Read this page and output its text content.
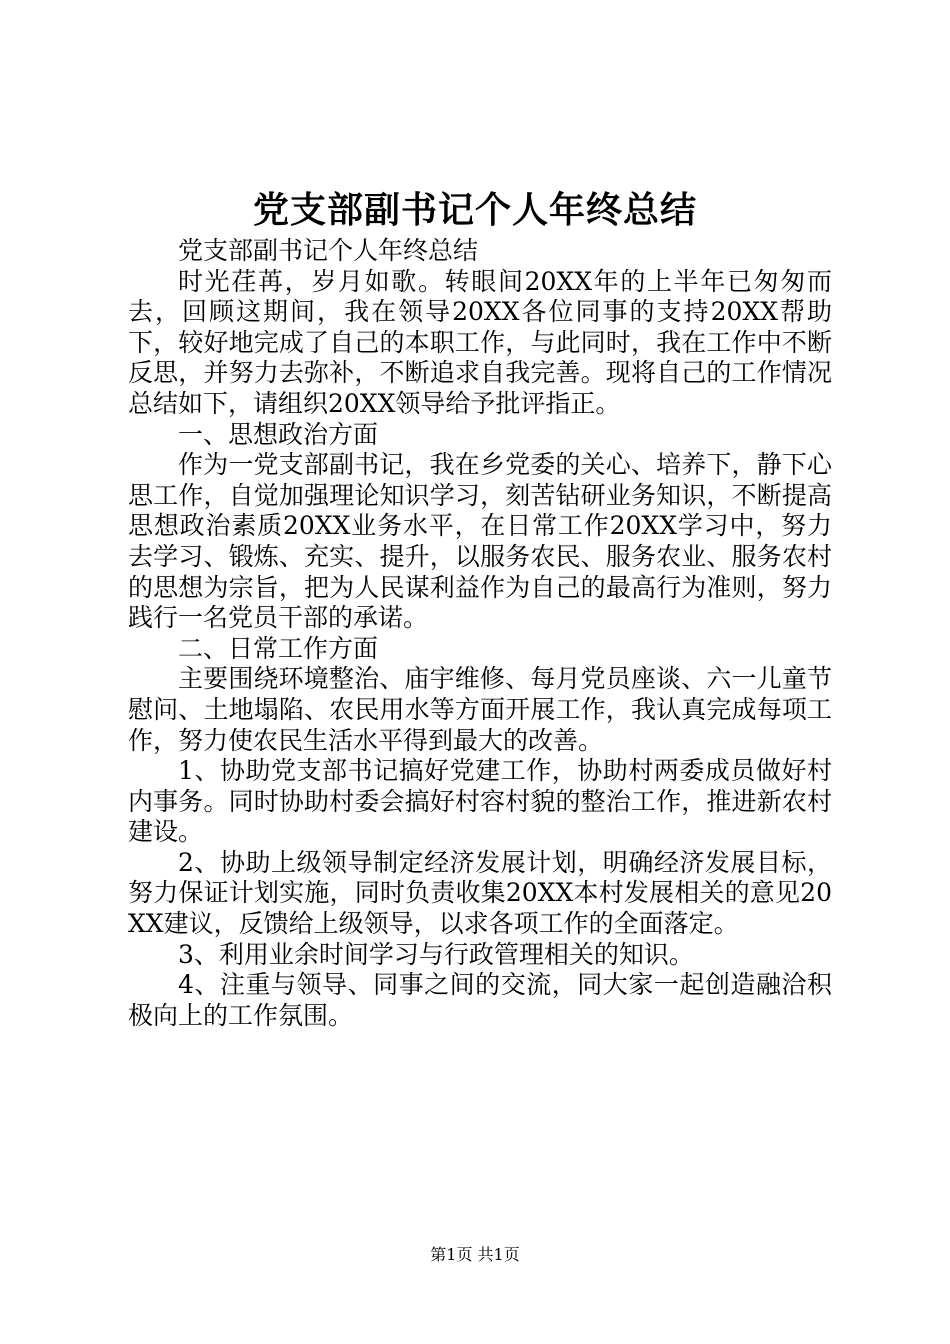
党支部副书记个人年终总结

党支部副书记个人年终总结

时光荏苒，岁月如歌。转眼间20XX年的上半年已匆匆而去，回顾这期间，我在领导20XX各位同事的支持20XX帮助下，较好地完成了自己的本职工作，与此同时，我在工作中不断反思，并努力去弥补，不断追求自我完善。现将自己的工作情况总结如下，请组织20XX领导给予批评指正。

一、思想政治方面

作为一党支部副书记，我在乡党委的关心、培养下，静下心思工作，自觉加强理论知识学习，刻苦钻研业务知识，不断提高思想政治素质20XX业务水平，在日常工作20XX学习中，努力去学习、锻炼、充实、提升，以服务农民、服务农业、服务农村的思想为宗旨，把为人民谋利益作为自己的最高行为准则，努力践行一名党员干部的承诺。

二、日常工作方面

主要围绕环境整治、庙宇维修、每月党员座谈、六一儿童节慰问、土地塌陷、农民用水等方面开展工作，我认真完成每项工作，努力使农民生活水平得到最大的改善。

1、协助党支部书记搞好党建工作，协助村两委成员做好村内事务。同时协助村委会搞好村容村貌的整治工作，推进新农村建设。

2、协助上级领导制定经济发展计划，明确经济发展目标，努力保证计划实施，同时负责收集20XX本村发展相关的意见20XX建议，反馈给上级领导，以求各项工作的全面落定。

3、利用业余时间学习与行政管理相关的知识。

4、注重与领导、同事之间的交流，同大家一起创造融洽积极向上的工作氛围。

第1页 共1页
